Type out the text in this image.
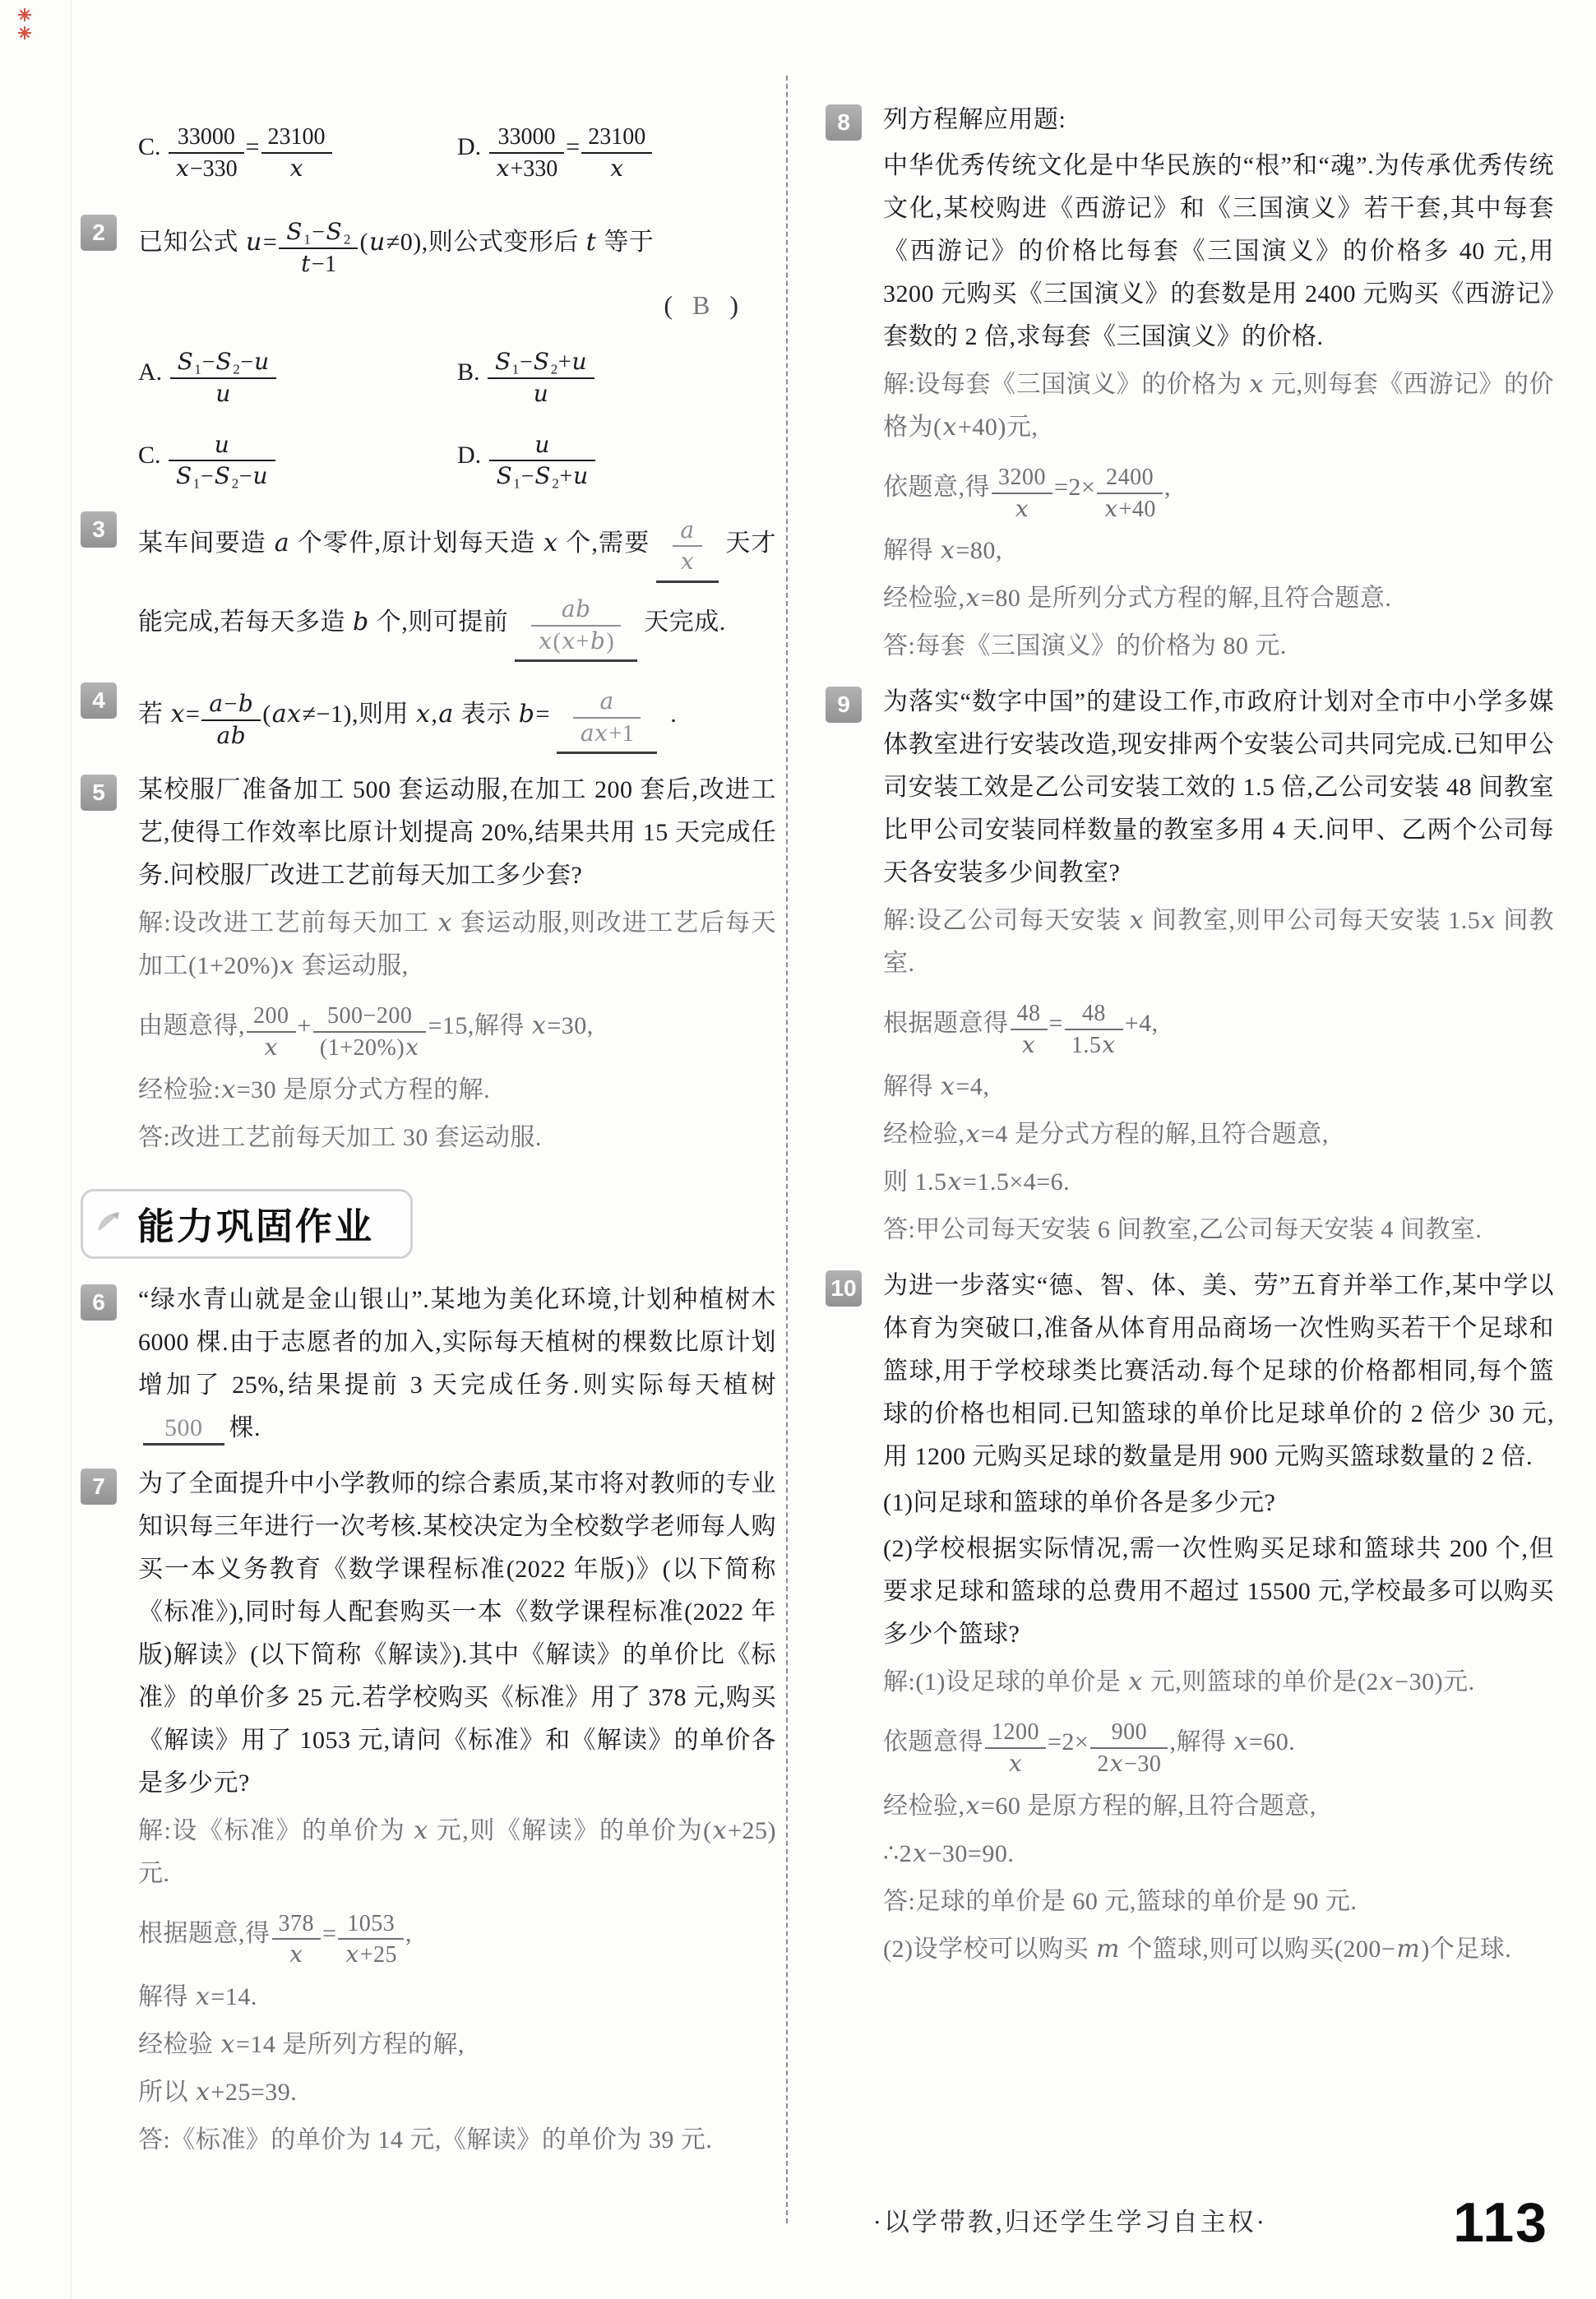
C. $\frac{33000}{x-330} = \frac{23100}{x}$	D. $\frac{33000}{x+330} = \frac{23100}{x}$
2	已知公式 $u= \frac{\text{S₁−S₂}}{t-1} (u\ne 0)$,则公式变形后 t 等于
( B )
A. $\frac{\text{S₁−S₂−u}}{u}$	B. $\frac{\text{S₁−S₂+u}}{u}$
C. $\frac{u}{\text{S₁−S₂−u}}$	D. $\frac{u}{\text{S₁−S₂+u}}$
3
某车间要造 a 个零件,原计划每天造 x 个,需要 $\frac{a}{x}$ 天才能完成,若每天多造 b 个,则可提前 $\frac{ab}{x(x+b)}$ 天完成.
4
若 $x= \frac{a-b}{ab} (ax\ne-1)$,则用 x,a 表示 $b= \frac{a}{ax+1}$ .
5	某校服厂准备加工 500 套运动服,在加工 200 套后,改进工艺,使得工作效率比原计划提高 20%,结果共用 15 天完成任务.问校服厂改进工艺前每天加工多少套?
解:设改进工艺前每天加工 x 套运动服,则改进工艺后每天加工(1+20%)x 套运动服,
由题意得, $\frac{200}{x} + \frac{500-200}{(1+20\%)x} =15$,解得 x=30,
经检验:x=30 是原分式方程的解.
答:改进工艺前每天加工 30 套运动服.
能力巩固作业
6	“绿水青山就是金山银山”.某地为美化环境,计划种植树木 6000 棵.由于志愿者的加入,实际每天植树的棵数比原计划增加了 25%,结果提前 3 天完成任务.则实际每天植树500 棵.
7	为了全面提升中小学教师的综合素质,某市将对教师的专业知识每三年进行一次考核.某校决定为全校数学老师每人购买一本义务教育《数学课程标准(2022 年版)》(以下简称《标准》),同时每人配套购买一本《数学课程标准(2022 年版)解读》(以下简称《解读》).其中《解读》的单价比《标准》的单价多 25 元.若学校购买《标准》用了 378 元,购买《解读》用了 1053 元,请问《标准》和《解读》的单价各是多少元?
解:设《标准》的单价为 x 元,则《解读》的单价为(x+25)元.
根据题意,得 $\frac{378}{x} = \frac{1053}{x+25}$ ,
解得 x=14.
经检验 x=14 是所列方程的解,
所以 x+25=39.
答:《标准》的单价为 14 元,《解读》的单价为 39 元.
8	列方程解应用题:
中华优秀传统文化是中华民族的“根”和“魂”.为传承优秀传统文化,某校购进《西游记》和《三国演义》若干套,其中每套《西游记》的价格比每套《三国演义》的价格多 40 元,用 3200 元购买《三国演义》的套数是用 2400 元购买《西游记》套数的 2 倍,求每套《三国演义》的价格.
解:设每套《三国演义》的价格为 x 元,则每套《西游记》的价格为(x+40)元,
依题意,得 $\frac{3200}{x} =2\times \frac{2400}{x+40}$ ,
解得 x=80,
经检验,x=80 是所列分式方程的解,且符合题意.
答:每套《三国演义》的价格为 80 元.
9	为落实“数字中国”的建设工作,市政府计划对全市中小学多媒体教室进行安装改造,现安排两个安装公司共同完成.已知甲公司安装工效是乙公司安装工效的 1.5 倍,乙公司安装 48 间教室比甲公司安装同样数量的教室多用 4 天.问甲、乙两个公司每天各安装多少间教室?
解:设乙公司每天安装 x 间教室,则甲公司每天安装 1.5x 间教室.
根据题意得 $\frac{48}{x} = \frac{48}{1.5x} +4$,
解得 x=4,
经检验,x=4 是分式方程的解,且符合题意,
则 1.5x=1.5×4=6.
答:甲公司每天安装 6 间教室,乙公司每天安装 4 间教室.
10 为进一步落实“德、智、体、美、劳”五育并举工作,某中学以体育为突破口,准备从体育用品商场一次性购买若干个足球和篮球,用于学校球类比赛活动.每个足球的价格都相同,每个篮球的价格也相同.已知篮球的单价比足球单价的 2 倍少 30 元,用 1200 元购买足球的数量是用 900 元购买篮球数量的 2 倍.
(1)问足球和篮球的单价各是多少元?
(2)学校根据实际情况,需一次性购买足球和篮球共 200 个,但要求足球和篮球的总费用不超过 15500 元,学校最多可以购买多少个篮球?
解:(1)设足球的单价是 x 元,则篮球的单价是(2x−30)元.
依题意得 $\frac{1200}{x} =2\times \frac{900}{2x-30}$ ,解得 x=60.
经检验,x=60 是原方程的解,且符合题意,
∴2x−30=90.
答:足球的单价是 60 元,篮球的单价是 90 元.
(2)设学校可以购买 m 个篮球,则可以购买(200−m)个足球.
·以学带教,归还学生学习自主权·	113
